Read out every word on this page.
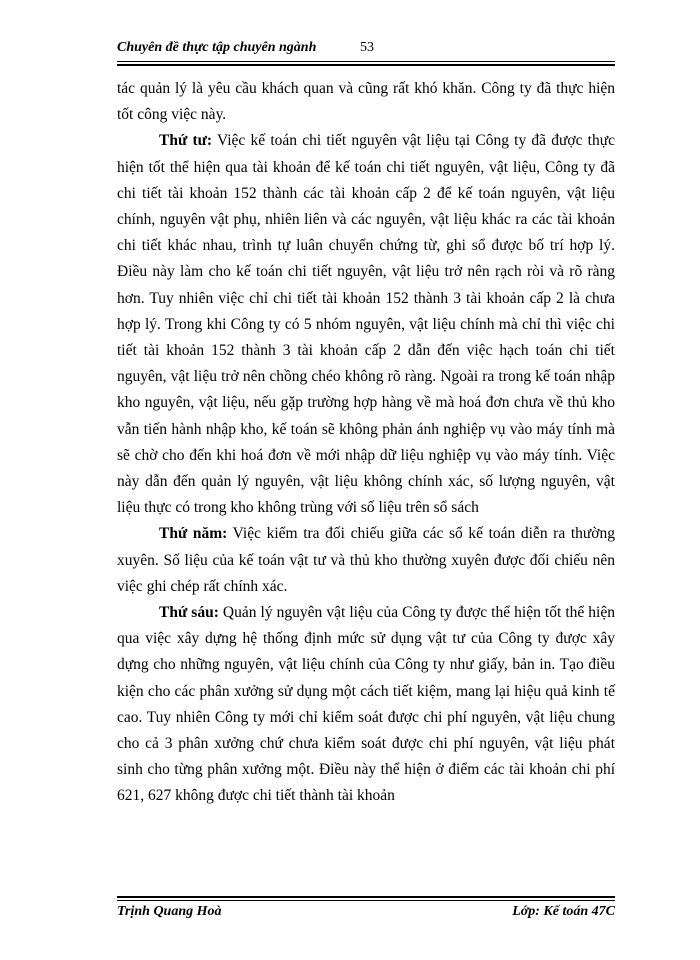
Chuyên đề thực tập chuyên ngành	53

tác quản lý là yêu cầu khách quan và cũng rất khó khăn. Công ty đã thực hiện tốt công việc này.

Thứ tư: Việc kế toán chi tiết nguyên vật liệu tại Công ty đã được thực hiện tốt thể hiện qua tài khoản để kế toán chi tiết nguyên, vật liệu, Công ty đã chi tiết tài khoản 152 thành các tài khoản cấp 2 để kế toán nguyên, vật liệu chính, nguyên vật phụ, nhiên liên và các nguyên, vật liệu khác ra các tài khoản chi tiết khác nhau, trình tự luân chuyển chứng từ, ghi sổ được bố trí hợp lý. Điều này làm cho kế toán chi tiết nguyên, vật liệu trở nên rạch ròi và rõ ràng hơn. Tuy nhiên việc chỉ chi tiết tài khoản 152 thành 3 tài khoản cấp 2 là chưa hợp lý. Trong khi Công ty có 5 nhóm nguyên, vật liệu chính mà chỉ thì việc chi tiết tài khoản 152 thành 3 tài khoản cấp 2 dẫn đến việc hạch toán chi tiết nguyên, vật liệu trở nên chồng chéo không rõ ràng. Ngoài ra trong kế toán nhập kho nguyên, vật liệu, nếu gặp trường hợp hàng về mà hoá đơn chưa về thủ kho vẫn tiến hành nhập kho, kế toán sẽ không phản ánh nghiệp vụ vào máy tính mà sẽ chờ cho đến khi hoá đơn về mới nhập dữ liệu nghiệp vụ vào máy tính. Việc này dẫn đến quản lý nguyên, vật liệu không chính xác, số lượng nguyên, vật liệu thực có trong kho không trùng với số liệu trên sổ sách

Thứ năm: Việc kiểm tra đối chiếu giữa các sổ kế toán diễn ra thường xuyên. Số liệu của kế toán vật tư và thủ kho thường xuyên được đối chiếu nên việc ghi chép rất chính xác.

Thứ sáu: Quản lý nguyên vật liệu của Công ty được thể hiện tốt thể hiện qua việc xây dựng hệ thống định mức sử dụng vật tư của Công ty được xây dựng cho những nguyên, vật liệu chính của Công ty như giấy, bản in. Tạo điều kiện cho các phân xưởng sử dụng một cách tiết kiệm, mang lại hiệu quả kinh tế cao. Tuy nhiên Công ty mới chỉ kiểm soát được chi phí nguyên, vật liệu chung cho cả 3 phân xưởng chứ chưa kiểm soát được chi phí nguyên, vật liệu phát sinh cho từng phân xưởng một. Điều này thể hiện ở điểm các tài khoản chi phí 621, 627 không được chi tiết thành tài khoản

Trịnh Quang Hoà	Lớp: Kế toán 47C
